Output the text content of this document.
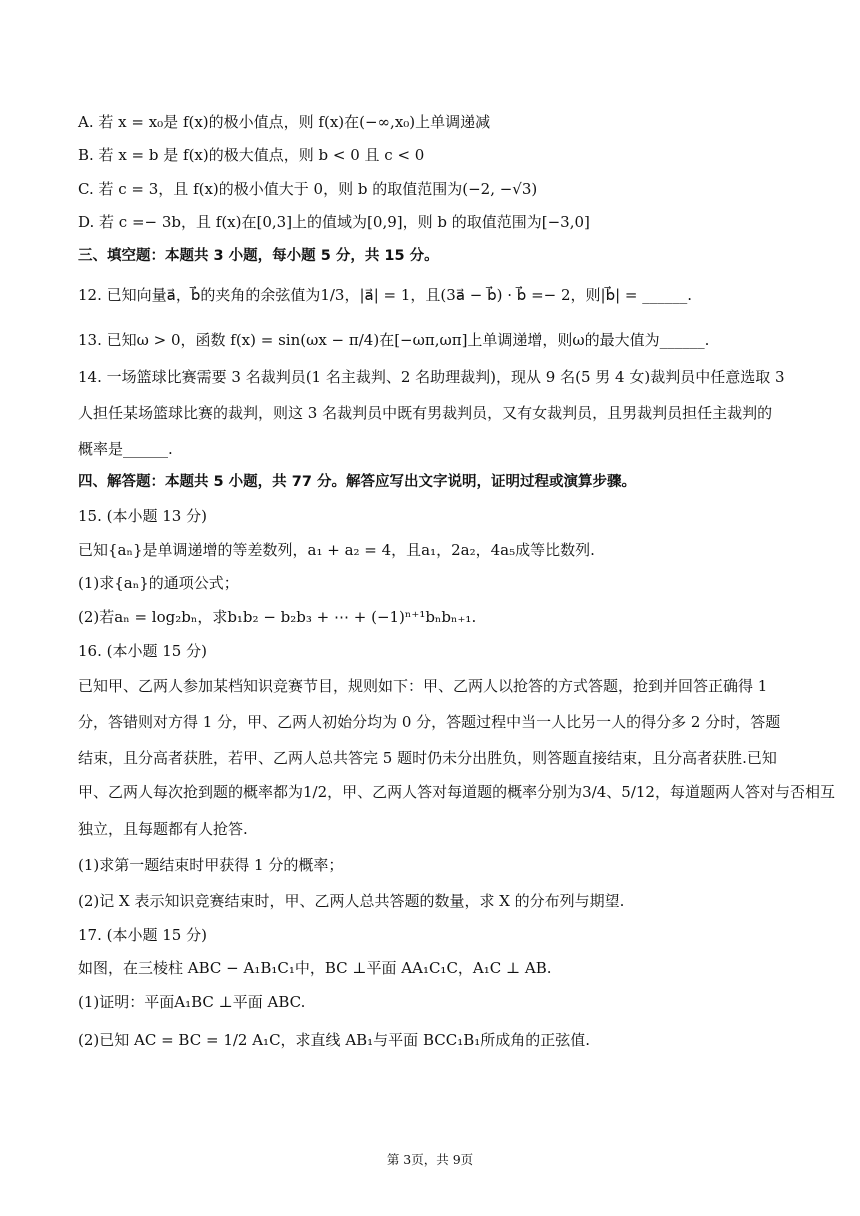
A. 若 x = x₀是 f(x)的极小值点，则 f(x)在(−∞,x₀)上单调递减
B. 若 x = b 是 f(x)的极大值点，则 b < 0 且 c < 0
C. 若 c = 3，且 f(x)的极小值大于 0，则 b 的取值范围为(−2, −√3)
D. 若 c =− 3b，且 f(x)在[0,3]上的值域为[0,9]，则 b 的取值范围为[−3,0]
三、填空题：本题共 3 小题，每小题 5 分，共 15 分。
12. 已知向量a⃗，b⃗的夹角的余弦值为1/3，|a⃗| = 1，且(3a⃗ − b⃗) · b⃗ =− 2，则|b⃗| = ______.
13. 已知ω > 0，函数 f(x) = sin(ωx − π/4)在[−ωπ,ωπ]上单调递增，则ω的最大值为______.
14. 一场篮球比赛需要 3 名裁判员(1 名主裁判、2 名助理裁判)，现从 9 名(5 男 4 女)裁判员中任意选取 3
人担任某场篮球比赛的裁判，则这 3 名裁判员中既有男裁判员，又有女裁判员，且男裁判员担任主裁判的
概率是______.
四、解答题：本题共 5 小题，共 77 分。解答应写出文字说明，证明过程或演算步骤。
15. (本小题 13 分)
已知{aₙ}是单调递增的等差数列，a₁ + a₂ = 4，且a₁，2a₂，4a₅成等比数列.
(1)求{aₙ}的通项公式；
(2)若aₙ = log₂bₙ，求b₁b₂ − b₂b₃ + ⋯ + (−1)ⁿ⁺¹bₙbₙ₊₁.
16. (本小题 15 分)
已知甲、乙两人参加某档知识竞赛节目，规则如下：甲、乙两人以抢答的方式答题，抢到并回答正确得 1
分，答错则对方得 1 分，甲、乙两人初始分均为 0 分，答题过程中当一人比另一人的得分多 2 分时，答题
结束，且分高者获胜，若甲、乙两人总共答完 5 题时仍未分出胜负，则答题直接结束，且分高者获胜.已知
甲、乙两人每次抢到题的概率都为1/2，甲、乙两人答对每道题的概率分别为3/4、5/12，每道题两人答对与否相互
独立，且每题都有人抢答.
(1)求第一题结束时甲获得 1 分的概率；
(2)记 X 表示知识竞赛结束时，甲、乙两人总共答题的数量，求 X 的分布列与期望.
17. (本小题 15 分)
如图，在三棱柱 ABC − A₁B₁C₁中，BC ⊥平面 AA₁C₁C，A₁C ⊥ AB.
(1)证明：平面A₁BC ⊥平面 ABC.
(2)已知 AC = BC = 1/2 A₁C，求直线 AB₁与平面 BCC₁B₁所成角的正弦值.
第 3页，共 9页
